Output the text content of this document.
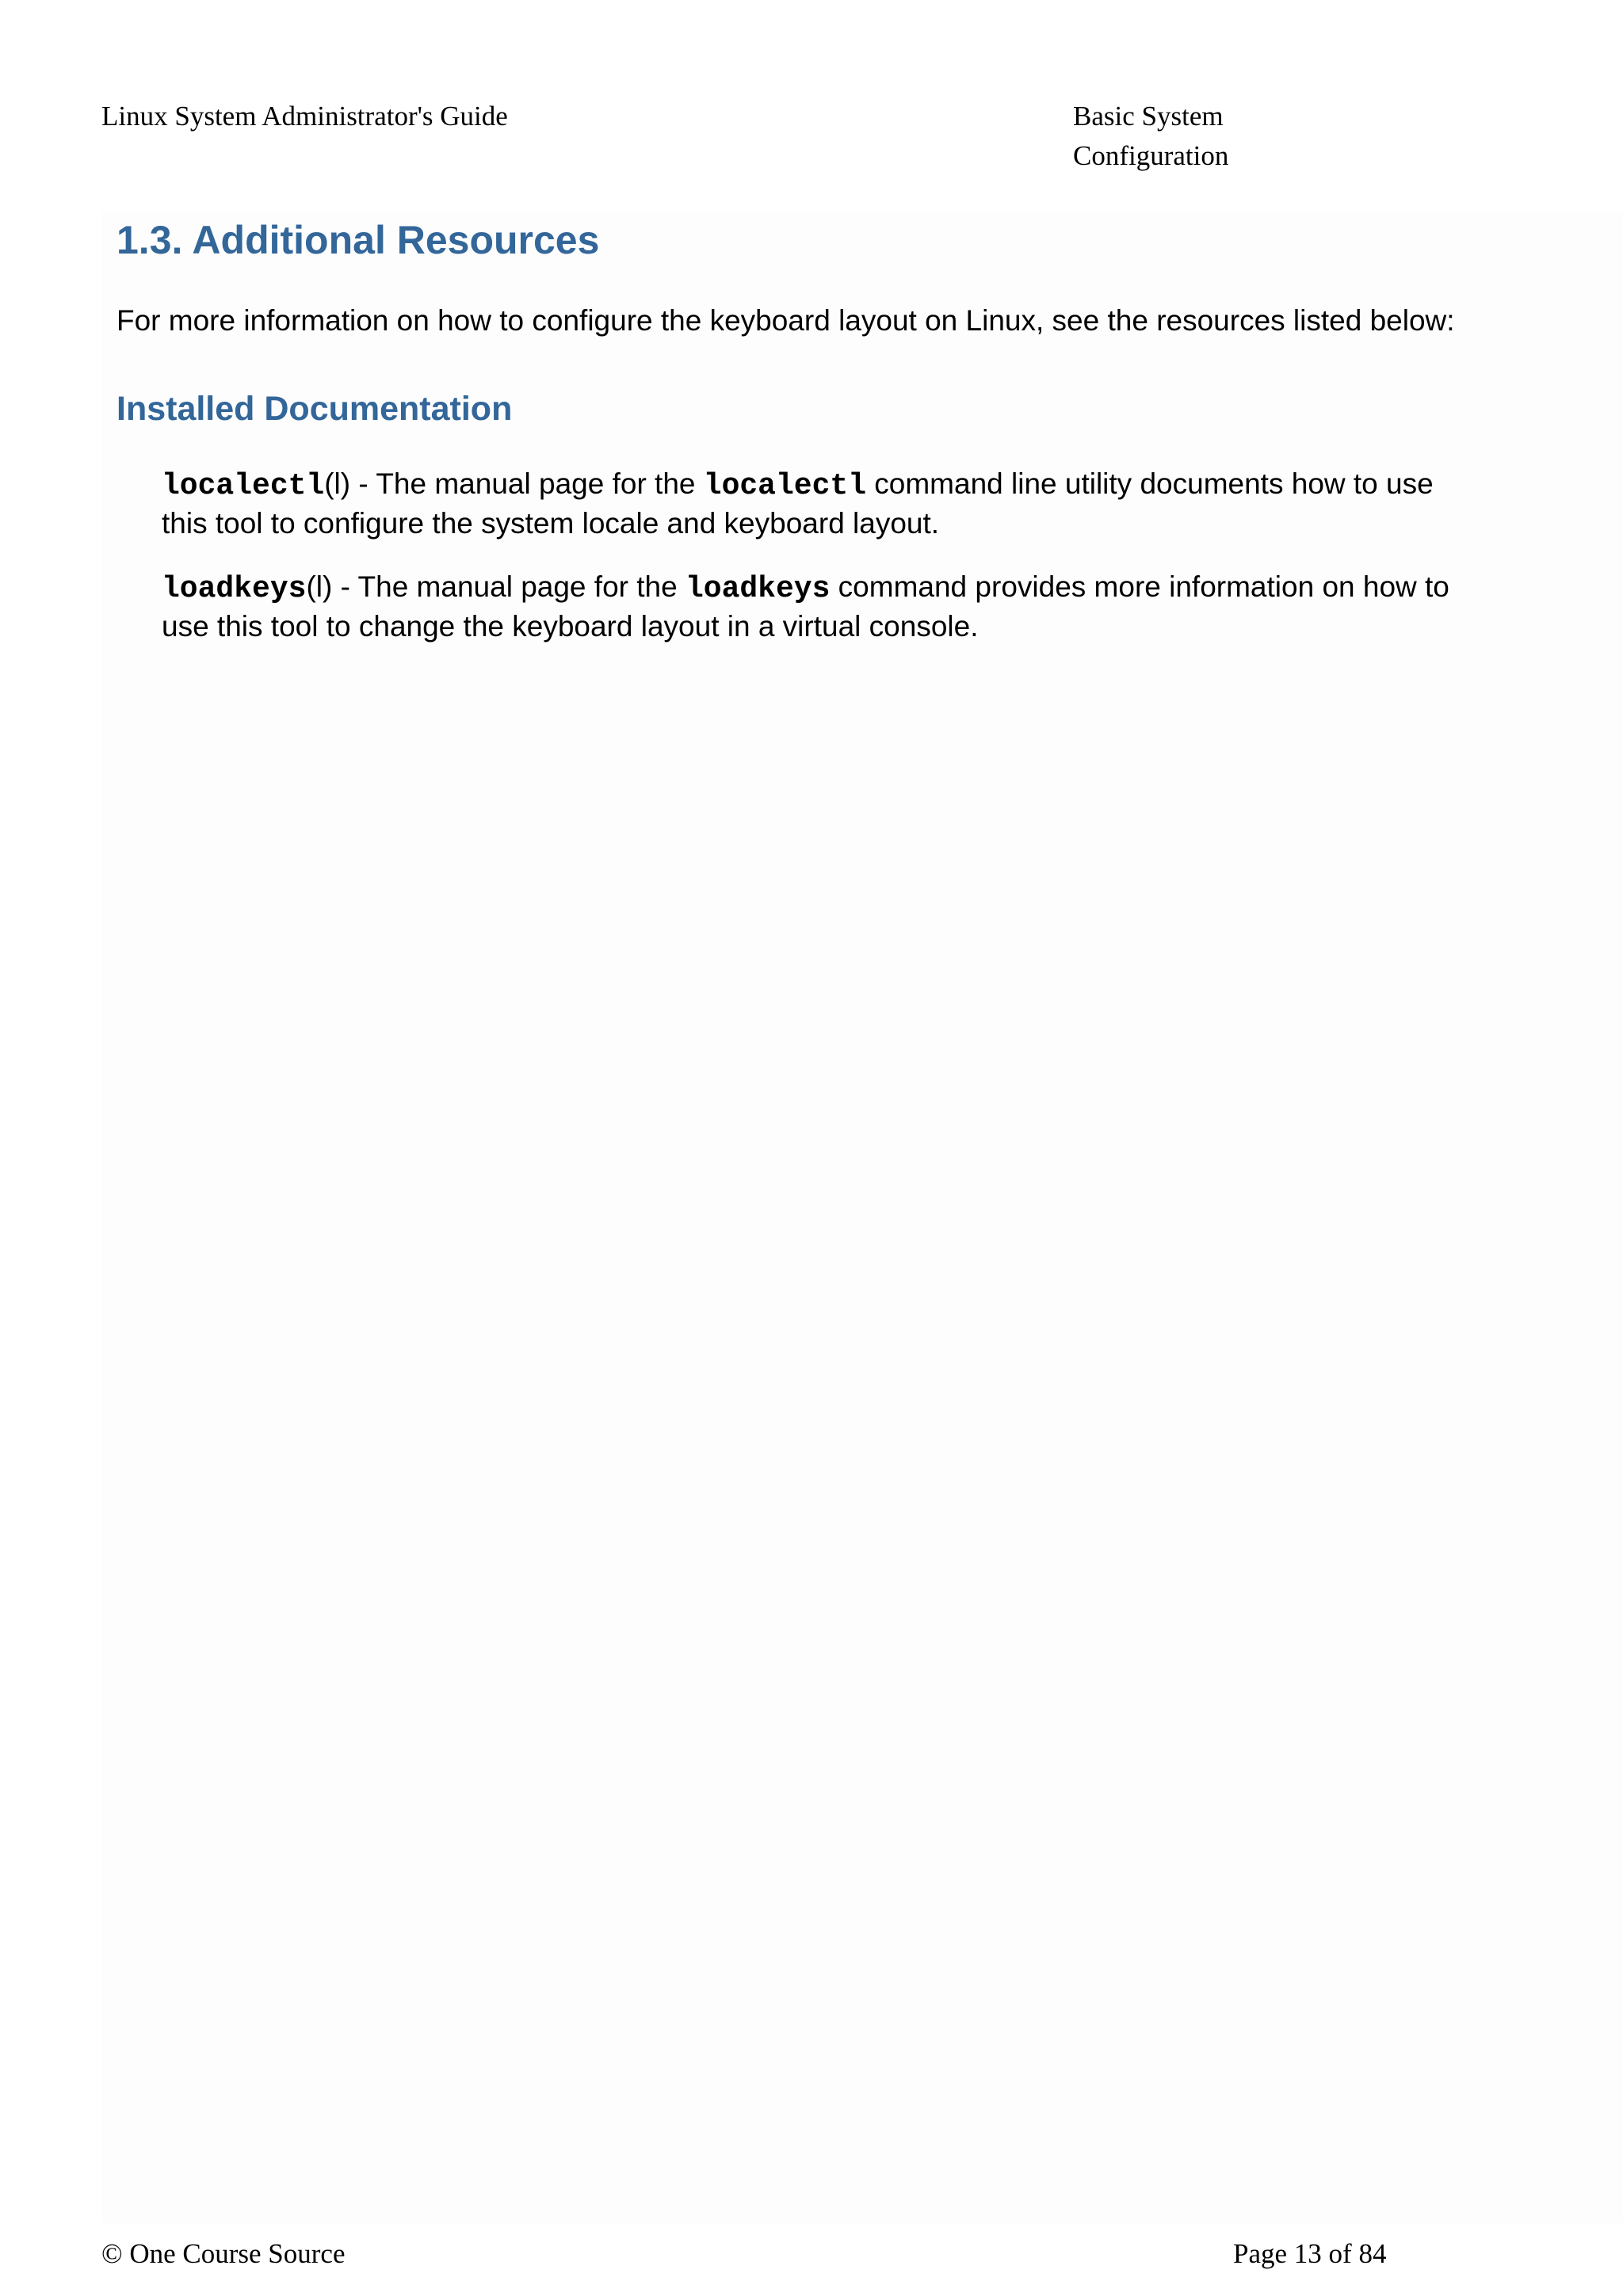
Linux System Administrator's Guide	Basic System Configuration
1.3. Additional Resources

For more information on how to configure the keyboard layout on Linux, see the resources listed below:

Installed Documentation

localectl(l) - The manual page for the localectl command line utility documents how to use this tool to configure the system locale and keyboard layout.

loadkeys(l) - The manual page for the loadkeys command provides more information on how to use this tool to change the keyboard layout in a virtual console.

© One Course Source	Page 13 of 84
